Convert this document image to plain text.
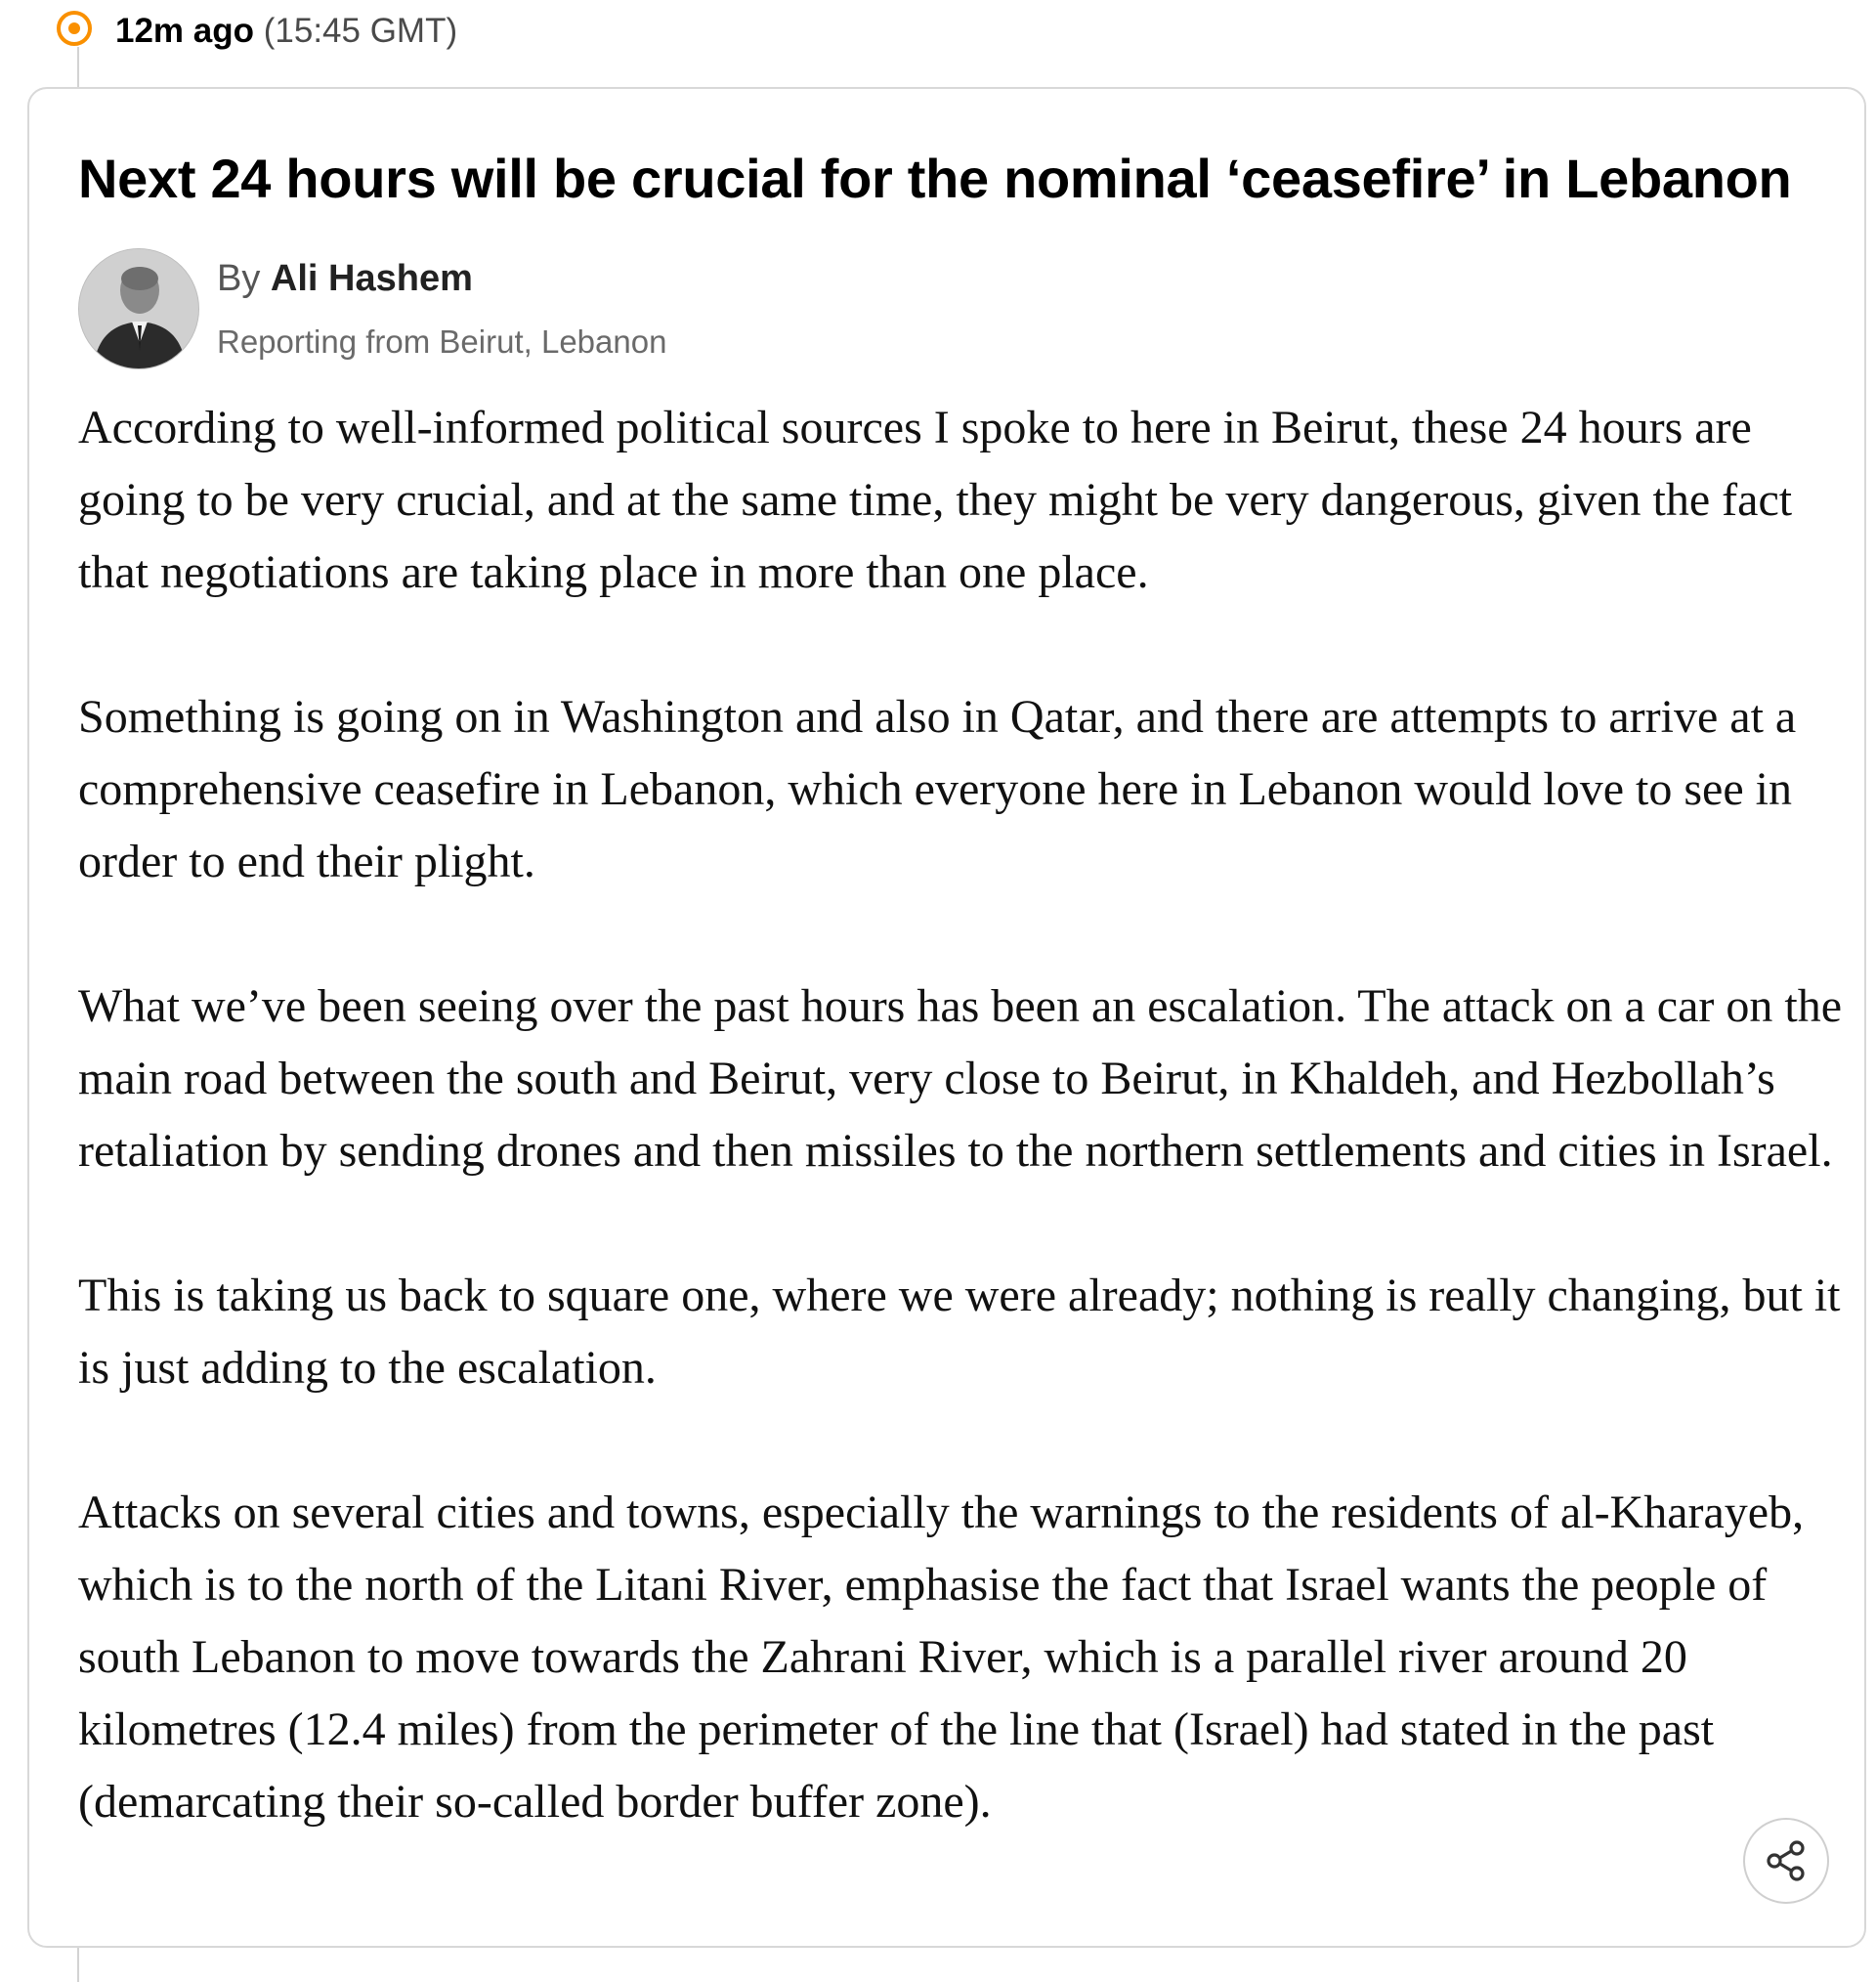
12m ago (15:45 GMT)
Next 24 hours will be crucial for the nominal ‘ceasefire’ in Lebanon
By Ali Hashem
Reporting from Beirut, Lebanon

According to well-informed political sources I spoke to here in Beirut, these 24 hours are going to be very crucial, and at the same time, they might be very dangerous, given the fact that negotiations are taking place in more than one place.

Something is going on in Washington and also in Qatar, and there are attempts to arrive at a comprehensive ceasefire in Lebanon, which everyone here in Lebanon would love to see in order to end their plight.

What we’ve been seeing over the past hours has been an escalation. The attack on a car on the main road between the south and Beirut, very close to Beirut, in Khaldeh, and Hezbollah’s retaliation by sending drones and then missiles to the northern settlements and cities in Israel.

This is taking us back to square one, where we were already; nothing is really changing, but it is just adding to the escalation.

Attacks on several cities and towns, especially the warnings to the residents of al-Kharayeb, which is to the north of the Litani River, emphasise the fact that Israel wants the people of south Lebanon to move towards the Zahrani River, which is a parallel river around 20 kilometres (12.4 miles) from the perimeter of the line that (Israel) had stated in the past (demarcating their so-called border buffer zone).
